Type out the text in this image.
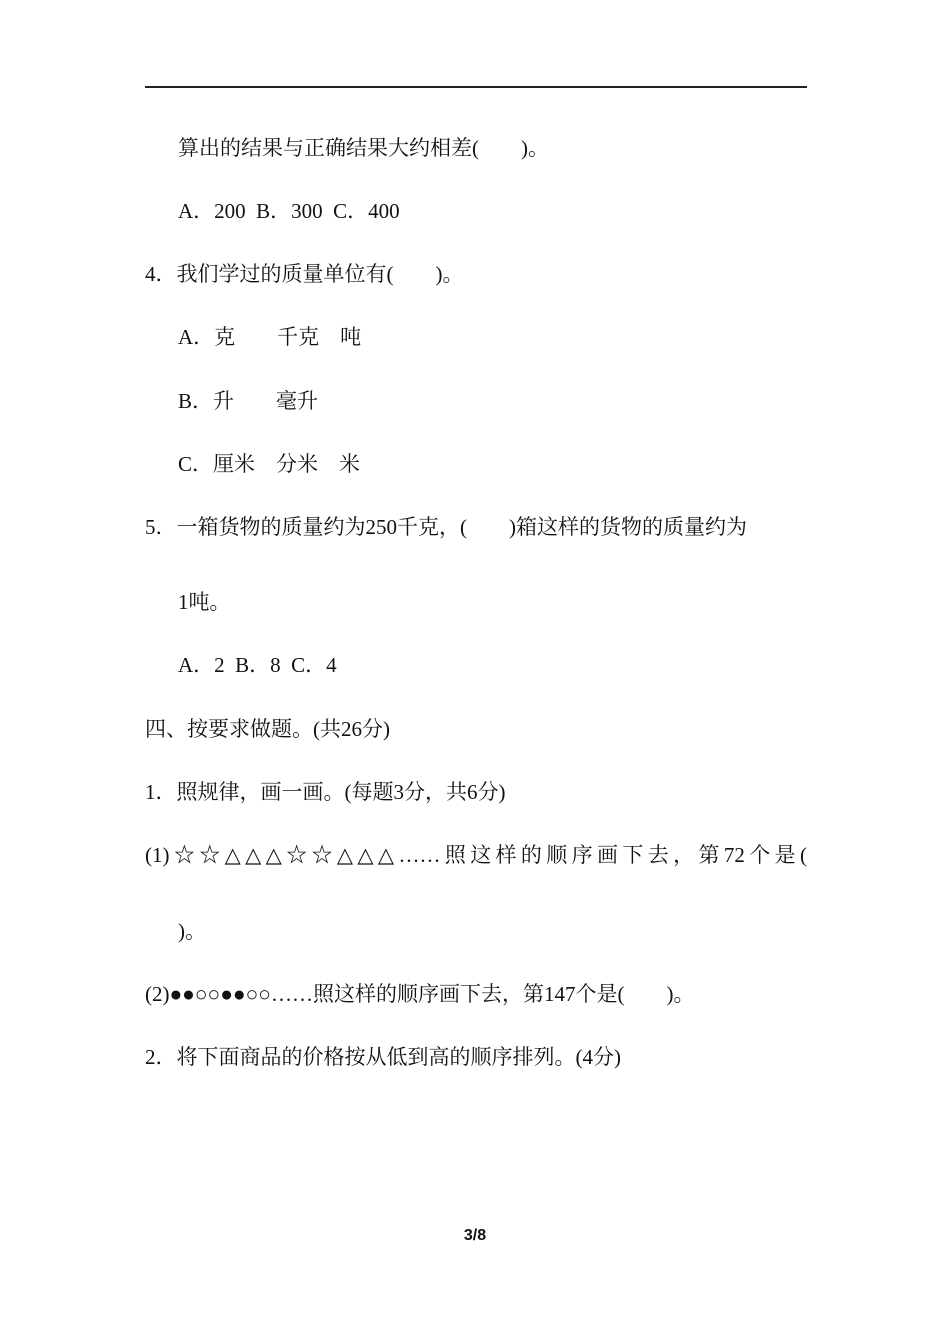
算出的结果与正确结果大约相差(　　)。
A．200  B．300  C．400
4．我们学过的质量单位有(　　)。
A．克　　千克　吨
B．升　　毫升
C．厘米　分米　米
5．一箱货物的质量约为250千克，(　　)箱这样的货物的质量约为
1吨。
A．2  B．8  C．4
四、按要求做题。(共26分)
1．照规律，画一画。(每题3分，共6分)
(1)☆☆△△△☆☆△△△……照这样的顺序画下去，第72个是(
)。
(2)●●○○●●○○……照这样的顺序画下去，第147个是(　　)。
2．将下面商品的价格按从低到高的顺序排列。(4分)
3/8
